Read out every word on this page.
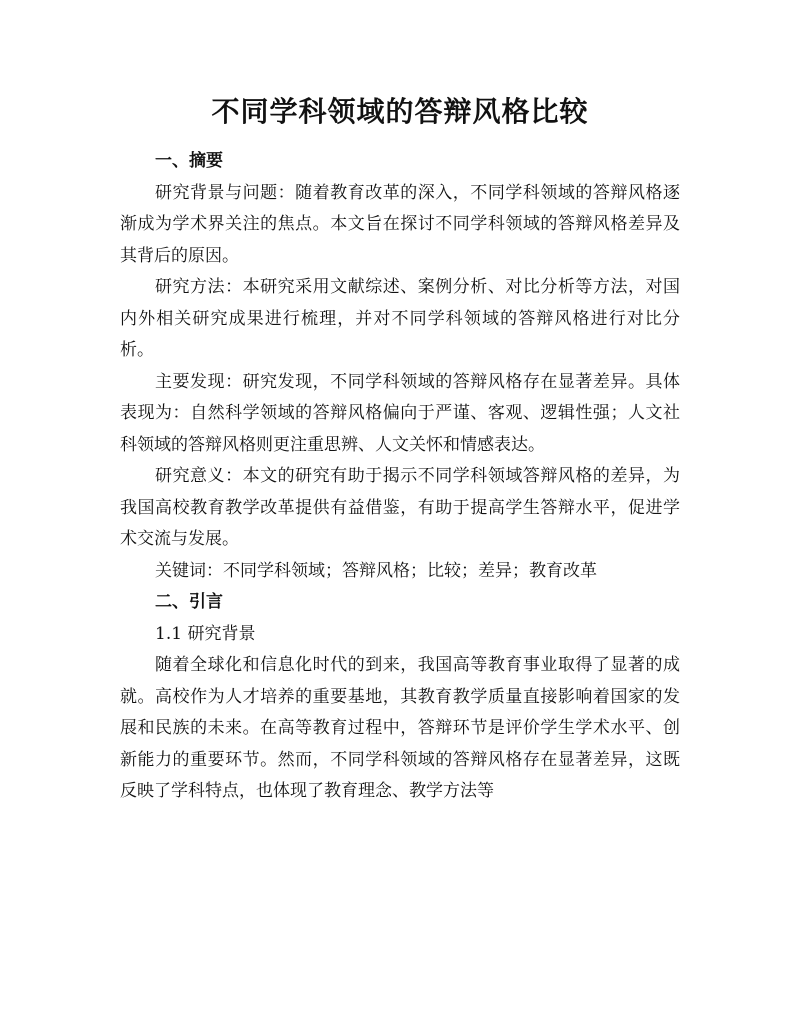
不同学科领域的答辩风格比较
一、摘要

研究背景与问题：随着教育改革的深入，不同学科领域的答辩风格逐渐成为学术界关注的焦点。本文旨在探讨不同学科领域的答辩风格差异及其背后的原因。

研究方法：本研究采用文献综述、案例分析、对比分析等方法，对国内外相关研究成果进行梳理，并对不同学科领域的答辩风格进行对比分析。

主要发现：研究发现，不同学科领域的答辩风格存在显著差异。具体表现为：自然科学领域的答辩风格偏向于严谨、客观、逻辑性强；人文社科领域的答辩风格则更注重思辨、人文关怀和情感表达。

研究意义：本文的研究有助于揭示不同学科领域答辩风格的差异，为我国高校教育教学改革提供有益借鉴，有助于提高学生答辩水平，促进学术交流与发展。

关键词：不同学科领域；答辩风格；比较；差异；教育改革

二、引言

1.1 研究背景

随着全球化和信息化时代的到来，我国高等教育事业取得了显著的成就。高校作为人才培养的重要基地，其教育教学质量直接影响着国家的发展和民族的未来。在高等教育过程中，答辩环节是评价学生学术水平、创新能力的重要环节。然而，不同学科领域的答辩风格存在显著差异，这既反映了学科特点，也体现了教育理念、教学方法等
